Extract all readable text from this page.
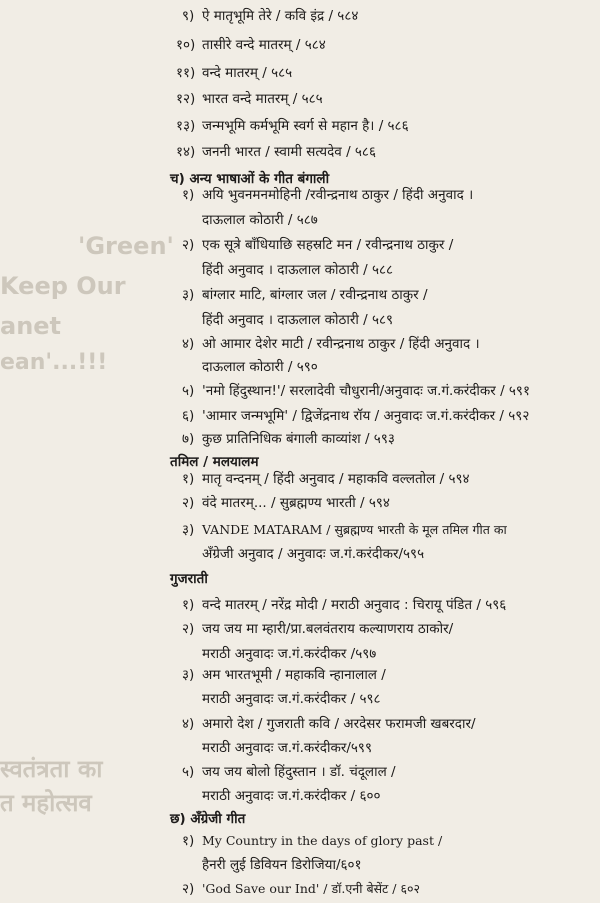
'Green'
Keep Our
anet
ean'...!!!
स्वतंत्रता का
त महोत्सव
९) ऐ मातृभूमि तेरे / कवि इंद्र / ५८४
१०) तासीरे वन्दे मातरम् / ५८४
११) वन्दे मातरम् / ५८५
१२) भारत वन्दे मातरम् / ५८५
१३) जन्मभूमि कर्मभूमि स्वर्ग से महान है। / ५८६
१४) जननी भारत / स्वामी सत्यदेव / ५८६
च) अन्य भाषाओं के गीत बंगाली
१) अयि भुवनमनमोहिनी /रवीन्द्रनाथ ठाकुर / हिंदी अनुवाद ।
दाऊलाल कोठारी / ५८७
२) एक सूत्रे बाँधियाछि सहस्रटि मन / रवीन्द्रनाथ ठाकुर /
हिंदी अनुवाद । दाऊलाल कोठारी / ५८८
३) बांग्लार माटि, बांग्लार जल / रवीन्द्रनाथ ठाकुर /
हिंदी अनुवाद । दाऊलाल कोठारी / ५८९
४) ओ आमार देशेर माटी / रवीन्द्रनाथ ठाकुर / हिंदी अनुवाद ।
दाऊलाल कोठारी / ५९०
५) 'नमो हिंदुस्थान!'/ सरलादेवी चौधुरानी/अनुवादः ज.गं.करंदीकर / ५९१
६) 'आमार जन्मभूमि' / द्विजेंद्रनाथ रॉय / अनुवादः ज.गं.करंदीकर / ५९२
७) कुछ प्रातिनिधिक बंगाली काव्यांश / ५९३
तमिल / मलयालम
१) मातृ वन्दनम् / हिंदी अनुवाद / महाकवि वल्लतोल / ५९४
२) वंदे मातरम्... / सुब्रह्मण्य भारती / ५९४
३) VANDE MATARAM / सुब्रह्मण्य भारती के मूल तमिल गीत का
अँग्रेजी अनुवाद / अनुवादः ज.गं.करंदीकर/५९५
गुजराती
१) वन्दे मातरम् / नरेंद्र मोदी / मराठी अनुवाद : चिरायू पंडित / ५९६
२) जय जय मा म्हारी/प्रा.बलवंतराय कल्याणराय ठाकोर/
मराठी अनुवादः ज.गं.करंदीकर /५९७
३) अम भारतभूमी / महाकवि न्हानालाल /
मराठी अनुवादः ज.गं.करंदीकर / ५९८
४) अमारो देश / गुजराती कवि / अरदेसर फरामजी खबरदार/
मराठी अनुवादः ज.गं.करंदीकर/५९९
५) जय जय बोलो हिंदुस्तान । डॉ. चंदूलाल /
मराठी अनुवादः ज.गं.करंदीकर / ६००
छ) अँग्रेजी गीत
१) My Country in the days of glory past /
हैनरी लुई डिवियन डिरोजिया/६०१
२) 'God Save our Ind' / डॉ.एनी बेसेंट / ६०२
